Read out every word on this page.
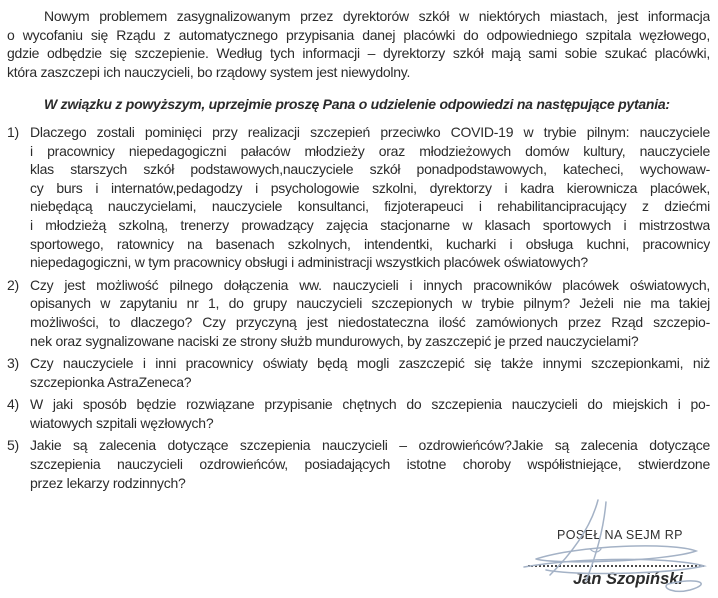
Nowym problemem zasygnalizowanym przez dyrektorów szkół w niektórych miastach, jest informacja
o wycofaniu się Rządu z automatycznego przypisania danej placówki do odpowiedniego szpitala węzłowego,
gdzie odbędzie się szczepienie. Według tych informacji – dyrektorzy szkół mają sami sobie szukać placówki,
która zaszczepi ich nauczycieli, bo rządowy system jest niewydolny.
W związku z powyższym, uprzejmie proszę Pana o udzielenie odpowiedzi na następujące pytania:
1) Dlaczego zostali pominięci przy realizacji szczepień przeciwko COVID-19 w trybie pilnym: nauczyciele
i pracownicy niepedagogiczni pałaców młodzieży oraz młodzieżowych domów kultury, nauczyciele
klas starszych szkół podstawowych,nauczyciele szkół ponadpodstawowych, katecheci, wychowaw-
cy burs i internatów,pedagodzy i psychologowie szkolni, dyrektorzy i kadra kierownicza placówek,
niebędącą nauczycielami, nauczyciele konsultanci, fizjoterapeuci i rehabilitancipracujący z dziećmi
i młodzieżą szkolną, trenerzy prowadzący zajęcia stacjonarne w klasach sportowych i mistrzostwa
sportowego, ratownicy na basenach szkolnych, intendentki, kucharki i obsługa kuchni, pracownicy
niepedagogiczni, w tym pracownicy obsługi i administracji wszystkich placówek oświatowych?
2) Czy jest możliwość pilnego dołączenia ww. nauczycieli i innych pracowników placówek oświatowych,
opisanych w zapytaniu nr 1, do grupy nauczycieli szczepionych w trybie pilnym? Jeżeli nie ma takiej
możliwości, to dlaczego? Czy przyczyną jest niedostateczna ilość zamówionych przez Rząd szczepio-
nek oraz sygnalizowane naciski ze strony służb mundurowych, by zaszczepić je przed nauczycielami?
3) Czy nauczyciele i inni pracownicy oświaty będą mogli zaszczepić się także innymi szczepionkami, niż
szczepionka AstraZeneca?
4) W jaki sposób będzie rozwiązane przypisanie chętnych do szczepienia nauczycieli do miejskich i po-
wiatowych szpitali węzłowych?
5) Jakie są zalecenia dotyczące szczepienia nauczycieli – ozdrowieńców?Jakie są zalecenia dotyczące
szczepienia nauczycieli ozdrowieńców, posiadających istotne choroby współistniejące, stwierdzone
przez lekarzy rodzinnych?
POSEŁ NA SEJM RP
Jan Szopiński
